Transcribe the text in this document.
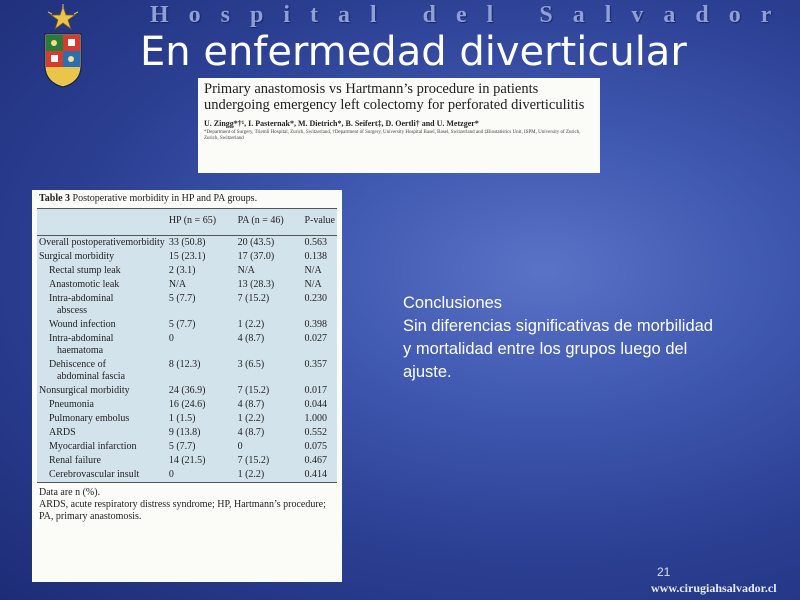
Hospital del Salvador
En enfermedad diverticular

Primary anastomosis vs Hartmann’s procedure in patients undergoing emergency left colectomy for perforated diverticulitis

U. Zingg*†¹, I. Pasternak*, M. Dietrich*, B. Seifert‡, D. Oertli† and U. Metzger*
*Department of Surgery, Triemli Hospital, Zurich, Switzerland, †Department of Surgery, University Hospital Basel, Basel, Switzerland and ‡Biostatistics Unit, ISPM, University of Zurich, Zurich, Switzerland
Table 3 Postoperative morbidity in HP and PA groups.
	HP (n = 65)	PA (n = 46)	P-value
Overall postoperativemorbidity	33 (50.8)	20 (43.5)	0.563
Surgical morbidity	15 (23.1)	17 (37.0)	0.138
Rectal stump leak	2 (3.1)	N/A	N/A
Anastomotic leak	N/A	13 (28.3)	N/A
Intra-abdominal
abscess	5 (7.7)	7 (15.2)	0.230
Wound infection	5 (7.7)	1 (2.2)	0.398
Intra-abdominal
haematoma	0	4 (8.7)	0.027
Dehiscence of
abdominal fascia	8 (12.3)	3 (6.5)	0.357
Nonsurgical morbidity	24 (36.9)	7 (15.2)	0.017
Pneumonia	16 (24.6)	4 (8.7)	0.044
Pulmonary embolus	1 (1.5)	1 (2.2)	1.000
ARDS	9 (13.8)	4 (8.7)	0.552
Myocardial infarction	5 (7.7)	0	0.075
Renal failure	14 (21.5)	7 (15.2)	0.467
Cerebrovascular insult	0	1 (2.2)	0.414
Data are n (%).
ARDS, acute respiratory distress syndrome; HP, Hartmann’s procedure; PA, primary anastomosis.
Conclusiones
Sin diferencias significativas de morbilidad y mortalidad entre los grupos luego del ajuste.
21
www.cirugiahsalvador.cl
